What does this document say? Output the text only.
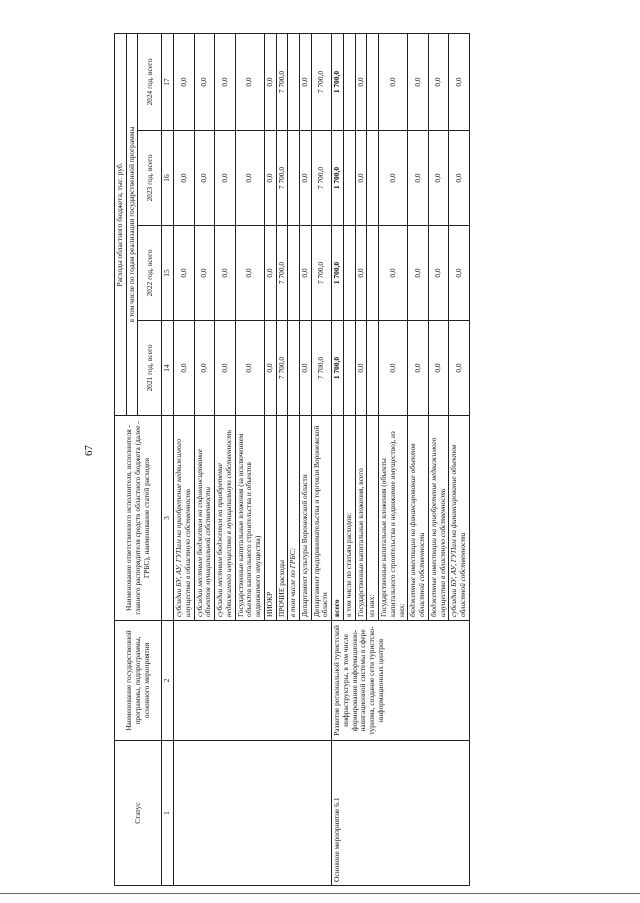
67
Статус	Наименование государственной программы, подпрограммы, основного мероприятия	Наименование ответственного исполнителя, исполнителя - главного распорядителя средств областного бюджета (далее - ГРБС), наименование статей расходов	Расходы областного бюджета, тыс. руб.			
			в том числе по годам реализации государственной программы			
			2021 год, всего	2022 год, всего	2023 год, всего	2024 год, всего
1	2	3	14	15	16	17
		субсидии БУ, АУ, ГУПам на приобретение недвижимого имущества в областную собственность	0,0	0,0	0,0	0,0
		субсидии местным бюджетам на софинансирование объектов муниципальной собственности	0,0	0,0	0,0	0,0
		субсидии местным бюджетам на приобретение недвижимого имущества в муниципальную собственность	0,0	0,0	0,0	0,0
		Государственные капитальные вложения (за исключением объектов капитального строительства и объектов недвижимого имущества)	0,0	0,0	0,0	0,0
		НИОКР	0,0	0,0	0,0	0,0
		ПРОЧИЕ расходы	7 700,0	7 700,0	7 700,0	7 700,0
		в том числе по ГРБС:				
		Департамент культуры Воронежской области	0,0	0,0	0,0	0,0
		Департамент предпринимательства и торговли Воронежской области	7 700,0	7 700,0	7 700,0	7 700,0
Основное мероприятие 6.1	Развитие региональной туристской инфраструктуры, в том числе формирование информационно-навигационной системы в сфере туризма, создание сети туристско-информационных центров	всего	1 700,0	1 700,0	1 700,0	1 700,0
		в том числе по статьям расходов:				
		Государственные капитальные вложения, всего	0,0	0,0	0,0	0,0
		из них:				
		Государственные капитальные вложения (объекты капитального строительства и недвижимое имущество), из них:	0,0	0,0	0,0	0,0
		бюджетные инвестиции на финансирование объектов областной собственности	0,0	0,0	0,0	0,0
		бюджетные инвестиции на приобретение недвижимого имущества в областную собственность	0,0	0,0	0,0	0,0
		субсидии БУ, АУ, ГУПам на финансирование объектов областной собственности	0,0	0,0	0,0	0,0
